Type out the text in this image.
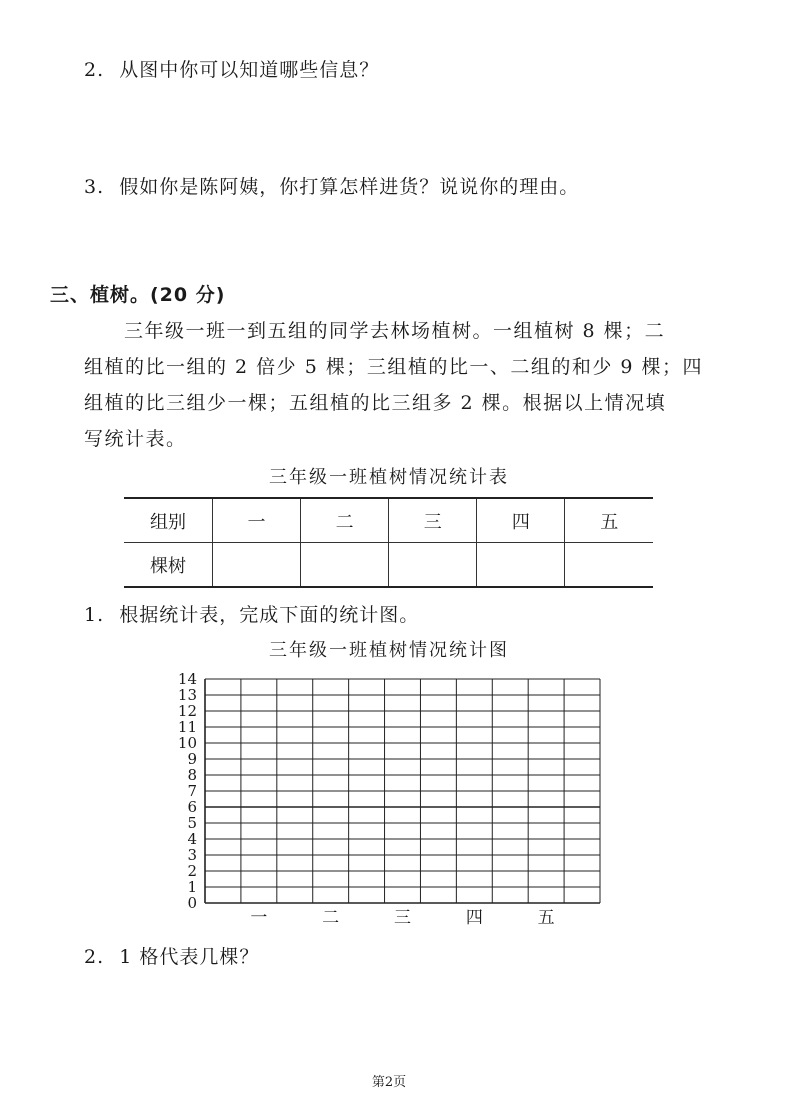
2. 从图中你可以知道哪些信息？
3. 假如你是陈阿姨，你打算怎样进货？说说你的理由。
三、植树。(20 分)
三年级一班一到五组的同学去林场植树。一组植树 8 棵；二
组植的比一组的 2 倍少 5 棵；三组植的比一、二组的和少 9 棵；四
组植的比三组少一棵；五组植的比三组多 2 棵。根据以上情况填
写统计表。
三年级一班植树情况统计表
组别	一	二	三	四	五
棵树					
1. 根据统计表，完成下面的统计图。
三年级一班植树情况统计图
0
1
2
3
4
5
6
7
8
9
10
11
12
13
14
一	二	三	四	五
2. 1 格代表几棵？
第2页
